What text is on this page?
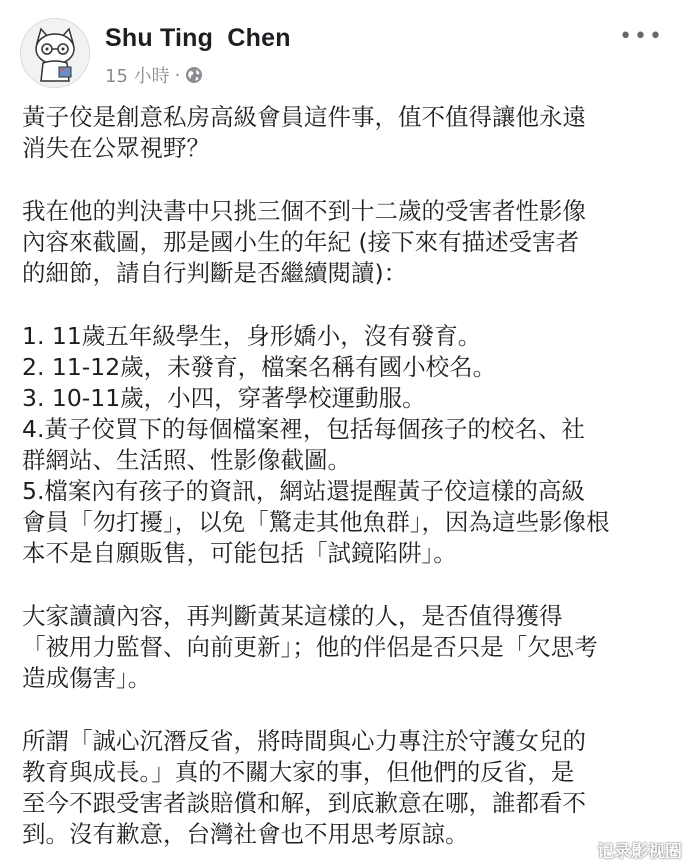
Shu Ting  Chen
15 小時 ·
•••
黃子佼是創意私房高級會員這件事，值不值得讓他永遠
消失在公眾視野？
我在他的判決書中只挑三個不到十二歲的受害者性影像
內容來截圖，那是國小生的年紀 (接下來有描述受害者
的細節，請自行判斷是否繼續閱讀)：
1. 11歲五年級學生，身形嬌小，沒有發育。
2. 11-12歲，未發育，檔案名稱有國小校名。
3. 10-11歲，小四，穿著學校運動服。
4.黃子佼買下的每個檔案裡，包括每個孩子的校名、社
群網站、生活照、性影像截圖。
5.檔案內有孩子的資訊，網站還提醒黃子佼這樣的高級
會員「勿打擾」，以免「驚走其他魚群」，因為這些影像根
本不是自願販售，可能包括「試鏡陷阱」。
大家讀讀內容，再判斷黃某這樣的人，是否值得獲得
「被用力監督、向前更新」；他的伴侶是否只是「欠思考
造成傷害」。
所謂「誠心沉潛反省，將時間與心力專注於守護女兒的
教育與成長。」真的不關大家的事，但他們的反省，是
至今不跟受害者談賠償和解，到底歉意在哪，誰都看不
到。沒有歉意，台灣社會也不用思考原諒。
记录影视圈
